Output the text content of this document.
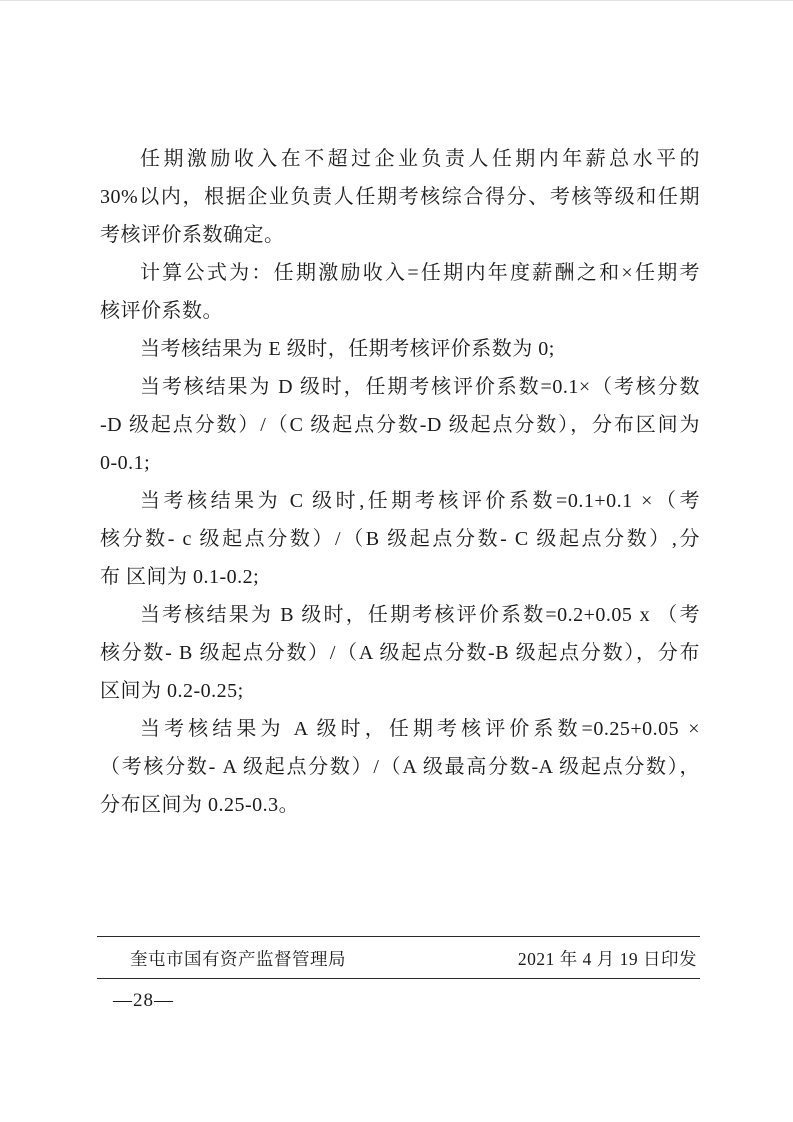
任期激励收入在不超过企业负责人任期内年薪总水平的
30%以内，根据企业负责人任期考核综合得分、考核等级和任期
考核评价系数确定。
计算公式为：任期激励收入=任期内年度薪酬之和×任期考
核评价系数。
当考核结果为 E 级时，任期考核评价系数为 0;
当考核结果为 D 级时，任期考核评价系数=0.1×（考核分数
-D 级起点分数）/（C 级起点分数-D 级起点分数），分布区间为
0-0.1;
当考核结果为 C 级时,任期考核评价系数=0.1+0.1 ×（考
核分数- c 级起点分数）/（B 级起点分数- C 级起点分数）,分
布 区间为 0.1-0.2;
当考核结果为 B 级时，任期考核评价系数=0.2+0.05 x （考
核分数- B 级起点分数）/（A 级起点分数-B 级起点分数），分布
区间为 0.2-0.25;
当考核结果为 A 级时，任期考核评价系数=0.25+0.05 ×
（考核分数- A 级起点分数）/（A 级最高分数-A 级起点分数），
分布区间为 0.25-0.3。
奎屯市国有资产监督管理局	2021 年 4 月 19 日印发
—28—
